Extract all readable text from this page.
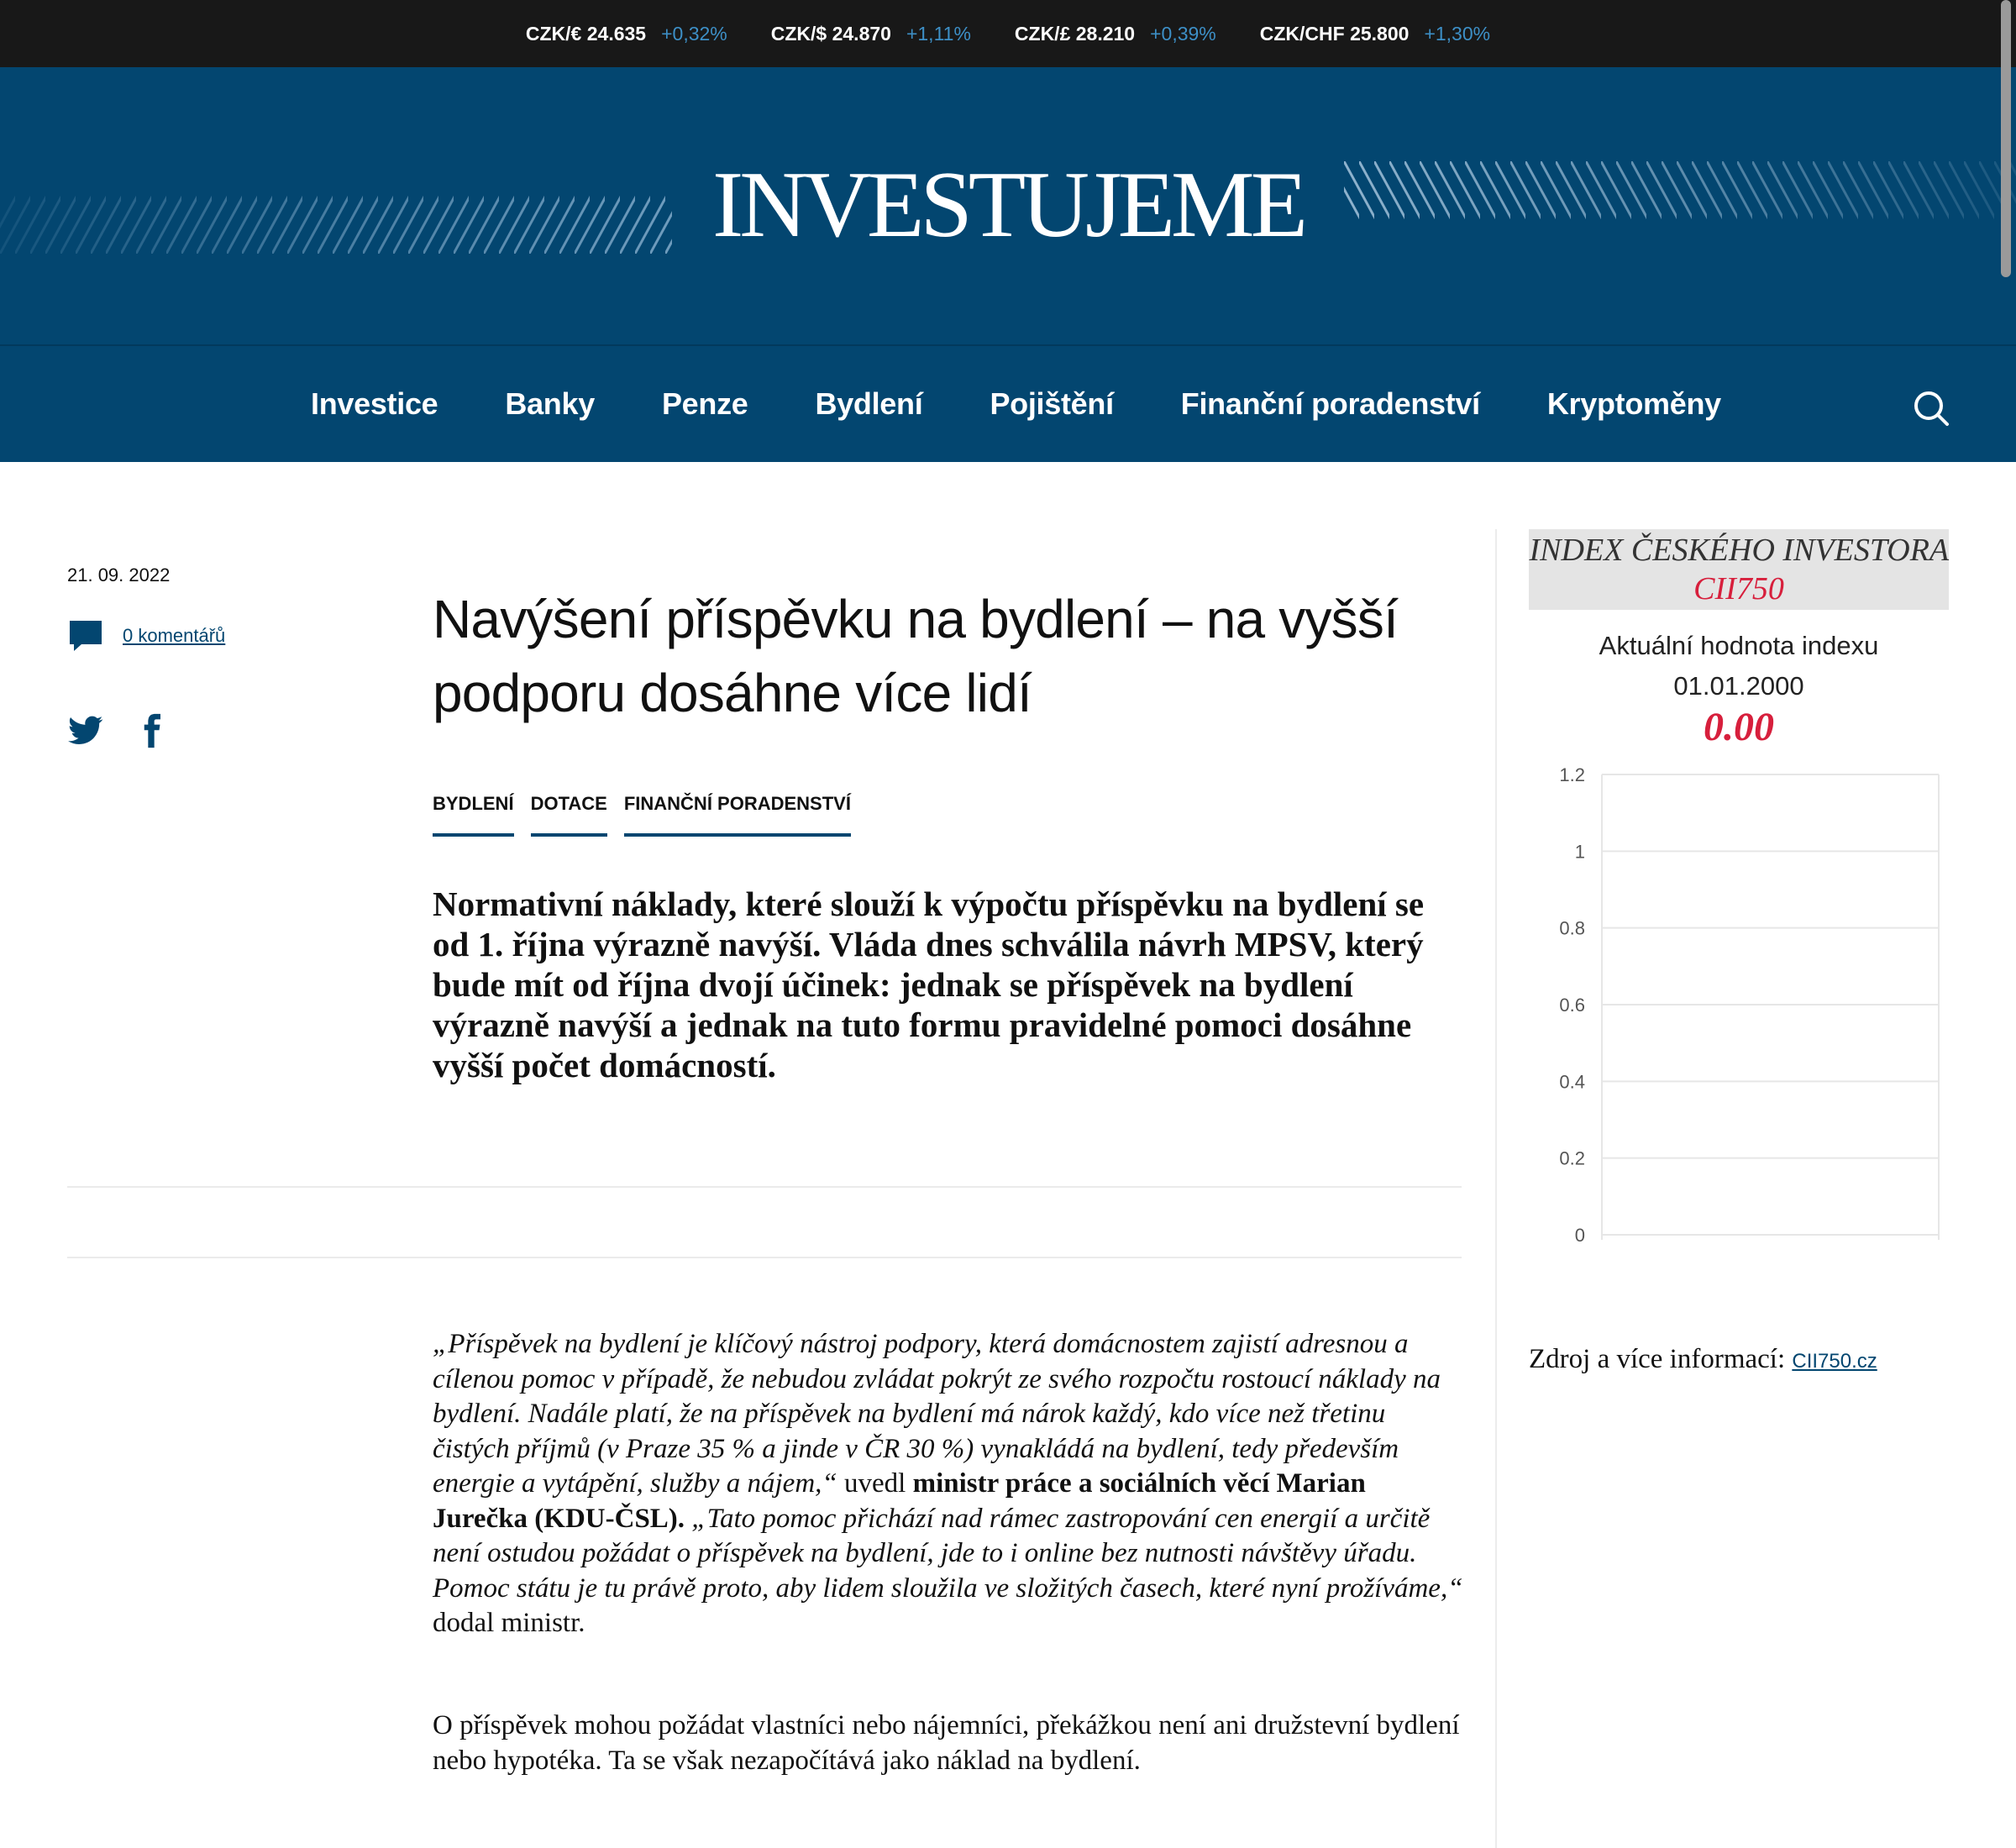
CZK/€ 24.635 +0,32% CZK/$ 24.870 +1,11% CZK/£ 28.210 +0,39% CZK/CHF 25.800 +1,30%
INVESTUJEME
Investice Banky Penze Bydlení Pojištění Finanční poradenství Kryptoměny
21. 09. 2022
0 komentářů	Navýšení příspěvku na bydlení – na vyšší podporu dosáhne více lidí
BYDLENÍ DOTACE FINANČNÍ PORADENSTVÍ

Normativní náklady, které slouží k výpočtu příspěvku na bydlení se od 1. října výrazně navýší. Vláda dnes schválila návrh MPSV, který bude mít od října dvojí účinek: jednak se příspěvek na bydlení výrazně navýší a jednak na tuto formu pravidelné pomoci dosáhne vyšší počet domácností.

„Příspěvek na bydlení je klíčový nástroj podpory, která domácnostem zajistí adresnou a cílenou pomoc v případě, že nebudou zvládat pokrýt ze svého rozpočtu rostoucí náklady na bydlení. Nadále platí, že na příspěvek na bydlení má nárok každý, kdo více než třetinu čistých příjmů (v Praze 35 % a jinde v ČR 30 %) vynakládá na bydlení, tedy především energie a vytápění, služby a nájem,“ uvedl ministr práce a sociálních věcí Marian Jurečka (KDU-ČSL). „Tato pomoc přichází nad rámec zastropování cen energií a určitě není ostudou požádat o příspěvek na bydlení, jde to i online bez nutnosti návštěvy úřadu. Pomoc státu je tu právě proto, aby lidem sloužila ve složitých časech, které nyní prožíváme,“ dodal ministr.

O příspěvek mohou požádat vlastníci nebo nájemníci, překážkou není ani družstevní bydlení nebo hypotéka. Ta se však nezapočítává jako náklad na bydlení.

INDEX ČESKÉHO INVESTORA CII750
Aktuální hodnota indexu
01.01.2000
0.00
0
0.2
0.4
0.6
0.8
1
1.2
Zdroj a více informací: CII750.cz
